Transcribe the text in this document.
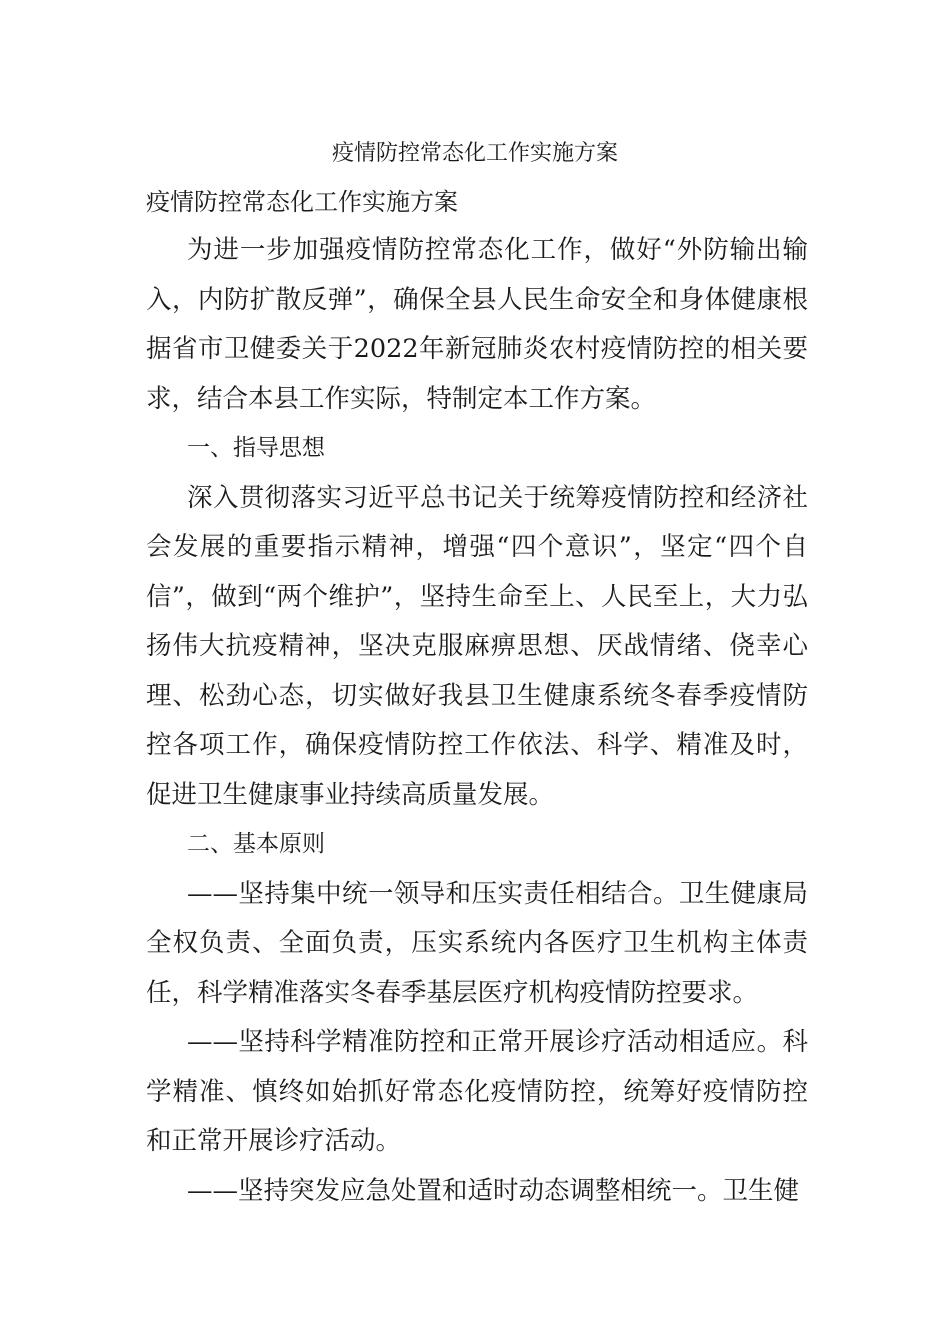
疫情防控常态化工作实施方案
疫情防控常态化工作实施方案

为进一步加强疫情防控常态化工作，做好“外防输出输入，内防扩散反弹”，确保全县人民生命安全和身体健康根据省市卫健委关于2022年新冠肺炎农村疫情防控的相关要求，结合本县工作实际，特制定本工作方案。

一、指导思想

深入贯彻落实习近平总书记关于统筹疫情防控和经济社会发展的重要指示精神，增强“四个意识”，坚定“四个自信”，做到“两个维护”，坚持生命至上、人民至上，大力弘扬伟大抗疫精神，坚决克服麻痹思想、厌战情绪、侥幸心理、松劲心态，切实做好我县卫生健康系统冬春季疫情防控各项工作，确保疫情防控工作依法、科学、精准及时，促进卫生健康事业持续高质量发展。

二、基本原则

——坚持集中统一领导和压实责任相结合。卫生健康局全权负责、全面负责，压实系统内各医疗卫生机构主体责任，科学精准落实冬春季基层医疗机构疫情防控要求。

——坚持科学精准防控和正常开展诊疗活动相适应。科学精准、慎终如始抓好常态化疫情防控，统筹好疫情防控和正常开展诊疗活动。

——坚持突发应急处置和适时动态调整相统一。卫生健
